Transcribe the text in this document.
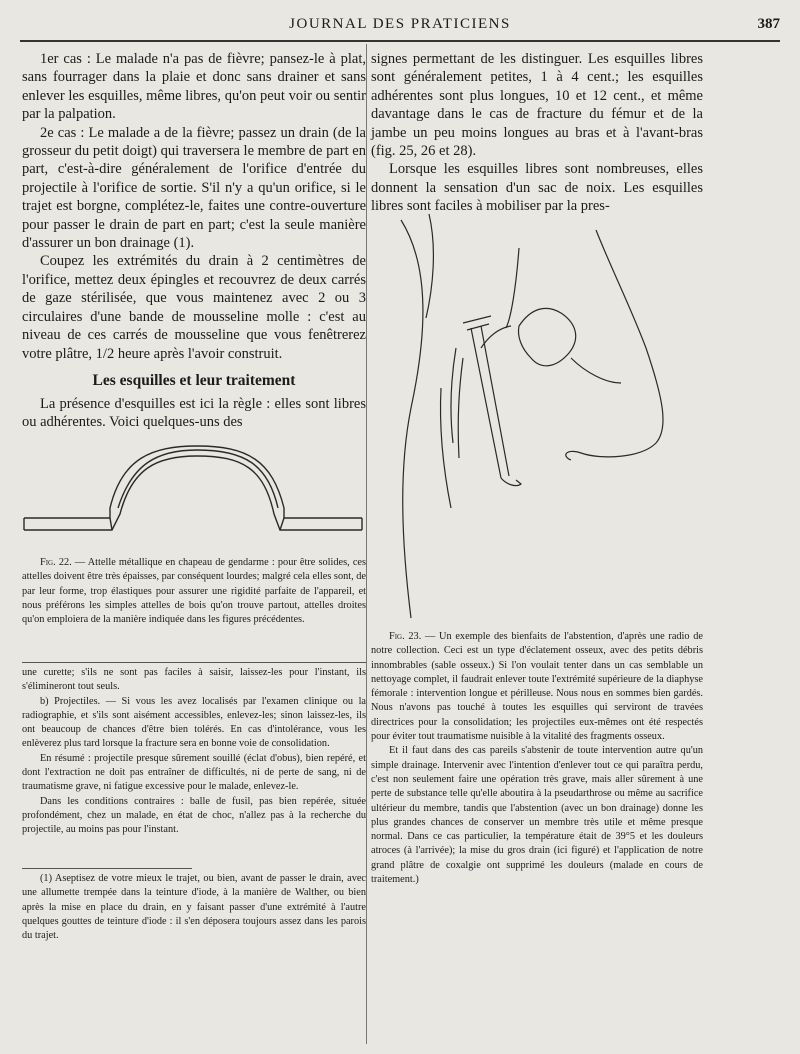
JOURNAL DES PRATICIENS	387

1er cas : Le malade n'a pas de fièvre; pansez-le à plat, sans fourrager dans la plaie et donc sans drainer et sans enlever les esquilles, même libres, qu'on peut voir ou sentir par la palpation.

2e cas : Le malade a de la fièvre; passez un drain (de la grosseur du petit doigt) qui traversera le membre de part en part, c'est-à-dire généralement de l'orifice d'entrée du projectile à l'orifice de sortie. S'il n'y a qu'un orifice, si le trajet est borgne, complétez-le, faites une contre-ouverture pour passer le drain de part en part; c'est la seule manière d'assurer un bon drainage (1).

Coupez les extrémités du drain à 2 centimètres de l'orifice, mettez deux épingles et recouvrez de deux carrés de gaze stérilisée, que vous maintenez avec 2 ou 3 circulaires d'une bande de mousseline molle : c'est au niveau de ces carrés de mousseline que vous fenêtrerez votre plâtre, 1/2 heure après l'avoir construit.

Les esquilles et leur traitement

La présence d'esquilles est ici la règle : elles sont libres ou adhérentes. Voici quelques-uns des

Fig. 22. — Attelle métallique en chapeau de gendarme : pour être solides, ces attelles doivent être très épaisses, par conséquent lourdes; malgré cela elles sont, de par leur forme, trop élastiques pour assurer une rigidité parfaite de l'appareil, et nous préférons les simples attelles de bois qu'on trouve partout, attelles droites qu'on emploiera de la manière indiquée dans les figures précédentes.

une curette; s'ils ne sont pas faciles à saisir, laissez-les pour l'instant, ils s'élimineront tout seuls.

b) Projectiles. — Si vous les avez localisés par l'examen clinique ou la radiographie, et s'ils sont aisément accessibles, enlevez-les; sinon laissez-les, ils ont beaucoup de chances d'être bien tolérés. En cas d'intolérance, vous les enlèverez plus tard lorsque la fracture sera en bonne voie de consolidation.

En résumé : projectile presque sûrement souillé (éclat d'obus), bien repéré, et dont l'extraction ne doit pas entraîner de difficultés, ni de perte de sang, ni de traumatisme grave, ni fatigue excessive pour le malade, enlevez-le.

Dans les conditions contraires : balle de fusil, pas bien repérée, située profondément, chez un malade, en état de choc, n'allez pas à la recherche du projectile, au moins pas pour l'instant.

(1) Aseptisez de votre mieux le trajet, ou bien, avant de passer le drain, avec une allumette trempée dans la teinture d'iode, à la manière de Walther, ou bien après la mise en place du drain, en y faisant passer d'une extrémité à l'autre quelques gouttes de teinture d'iode : il s'en déposera toujours assez dans les parois du trajet.

signes permettant de les distinguer. Les esquilles libres sont généralement petites, 1 à 4 cent.; les esquilles adhérentes sont plus longues, 10 et 12 cent., et même davantage dans le cas de fracture du fémur et de la jambe un peu moins longues au bras et à l'avant-bras (fig. 25, 26 et 28).

Lorsque les esquilles libres sont nombreuses, elles donnent la sensation d'un sac de noix. Les esquilles libres sont faciles à mobiliser par la pres-

Fig. 23. — Un exemple des bienfaits de l'abstention, d'après une radio de notre collection. Ceci est un type d'éclatement osseux, avec des petits débris innombrables (sable osseux.) Si l'on voulait tenter dans un cas semblable un nettoyage complet, il faudrait enlever toute l'extrémité supérieure de la diaphyse fémorale : intervention longue et périlleuse. Nous nous en sommes bien gardés. Nous n'avons pas touché à toutes les esquilles qui serviront de travées directrices pour la consolidation; les projectiles eux-mêmes ont été respectés pour éviter tout traumatisme nuisible à la vitalité des fragments osseux.

Et il faut dans des cas pareils s'abstenir de toute intervention autre qu'un simple drainage. Intervenir avec l'intention d'enlever tout ce qui paraîtra perdu, c'est non seulement faire une opération très grave, mais aller sûrement à une perte de substance telle qu'elle aboutira à la pseudarthrose ou même au sacrifice ultérieur du membre, tandis que l'abstention (avec un bon drainage) donne les plus grandes chances de conserver un membre très utile et même presque normal. Dans ce cas particulier, la température était de 39°5 et les douleurs atroces (à l'arrivée); la mise du gros drain (ici figuré) et l'application de notre grand plâtre de coxalgie ont supprimé les douleurs (malade en cours de traitement.)
